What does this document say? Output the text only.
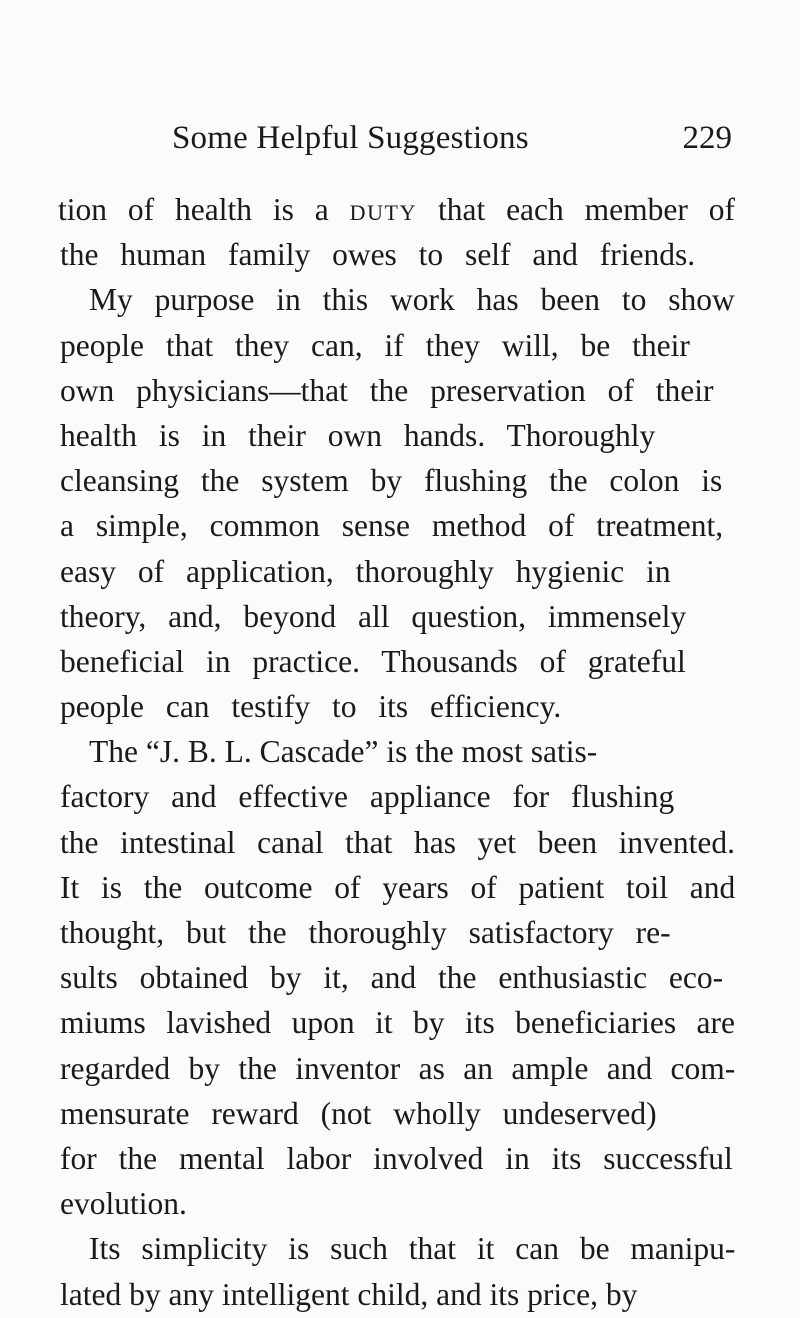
Some Helpful Suggestions	229
tion of health is a DUTY that each member of
the human family owes to self and friends.
My purpose in this work has been to show
people that they can, if they will, be their
own physicians—that the preservation of their
health is in their own hands. Thoroughly
cleansing the system by flushing the colon is
a simple, common sense method of treatment,
easy of application, thoroughly hygienic in
theory, and, beyond all question, immensely
beneficial in practice. Thousands of grateful
people can testify to its efficiency.
The “J. B. L. Cascade” is the most satis-
factory and effective appliance for flushing
the intestinal canal that has yet been invented.
It is the outcome of years of patient toil and
thought, but the thoroughly satisfactory re-
sults obtained by it, and the enthusiastic eco-
miums lavished upon it by its beneficiaries are
regarded by the inventor as an ample and com-
mensurate reward (not wholly undeserved)
for the mental labor involved in its successful
evolution.
Its simplicity is such that it can be manipu-
lated by any intelligent child, and its price, by
